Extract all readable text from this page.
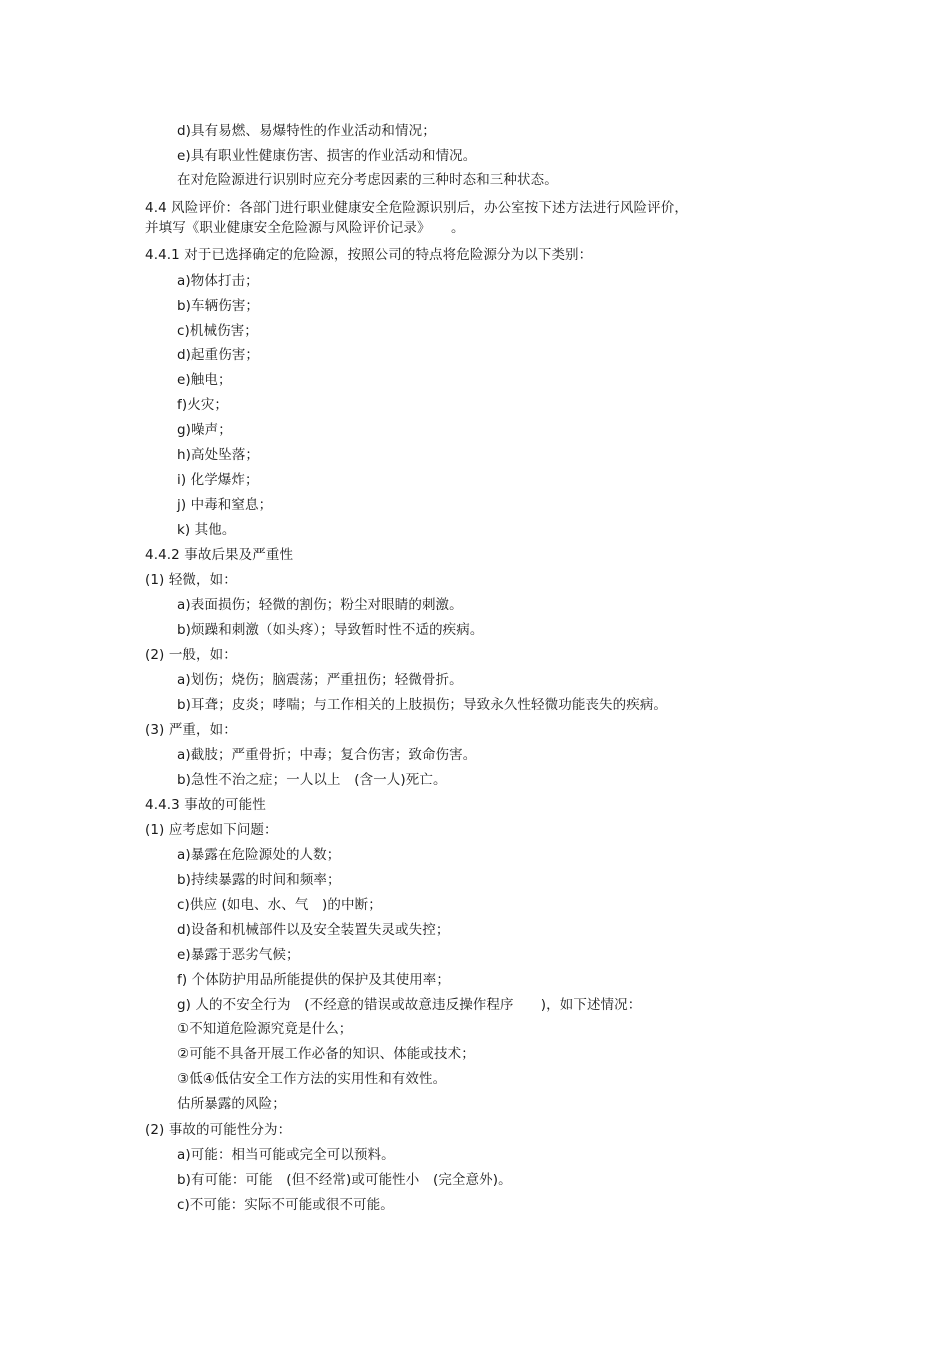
d)具有易燃、易爆特性的作业活动和情况；
e)具有职业性健康伤害、损害的作业活动和情况。
在对危险源进行识别时应充分考虑因素的三种时态和三种状态。
4.4 风险评价：各部门进行职业健康安全危险源识别后，办公室按下述方法进行风险评价，
并填写《职业健康安全危险源与风险评价记录》　　。
4.4.1 对于已选择确定的危险源，按照公司的特点将危险源分为以下类别：
a)物体打击；
b)车辆伤害；
c)机械伤害；
d)起重伤害；
e)触电；
f)火灾；
g)噪声；
h)高处坠落；
i) 化学爆炸；
j) 中毒和窒息；
k) 其他。
4.4.2 事故后果及严重性
(1) 轻微，如：
a)表面损伤；轻微的割伤；粉尘对眼睛的刺激。
b)烦躁和刺激（如头疼）；导致暂时性不适的疾病。
(2) 一般，如：
a)划伤；烧伤；脑震荡；严重扭伤；轻微骨折。
b)耳聋；皮炎；哮喘；与工作相关的上肢损伤；导致永久性轻微功能丧失的疾病。
(3) 严重，如：
a)截肢；严重骨折；中毒；复合伤害；致命伤害。
b)急性不治之症；一人以上　(含一人)死亡。
4.4.3 事故的可能性
(1) 应考虑如下问题：
a)暴露在危险源处的人数；
b)持续暴露的时间和频率；
c)供应 (如电、水、气　)的中断；
d)设备和机械部件以及安全装置失灵或失控；
e)暴露于恶劣气候；
f) 个体防护用品所能提供的保护及其使用率；
g) 人的不安全行为　(不经意的错误或故意违反操作程序　　)，如下述情况：
①不知道危险源究竟是什么；
②可能不具备开展工作必备的知识、体能或技术；
③低④低估安全工作方法的实用性和有效性。
估所暴露的风险；
(2) 事故的可能性分为：
a)可能：相当可能或完全可以预料。
b)有可能：可能　(但不经常)或可能性小　(完全意外)。
c)不可能：实际不可能或很不可能。
